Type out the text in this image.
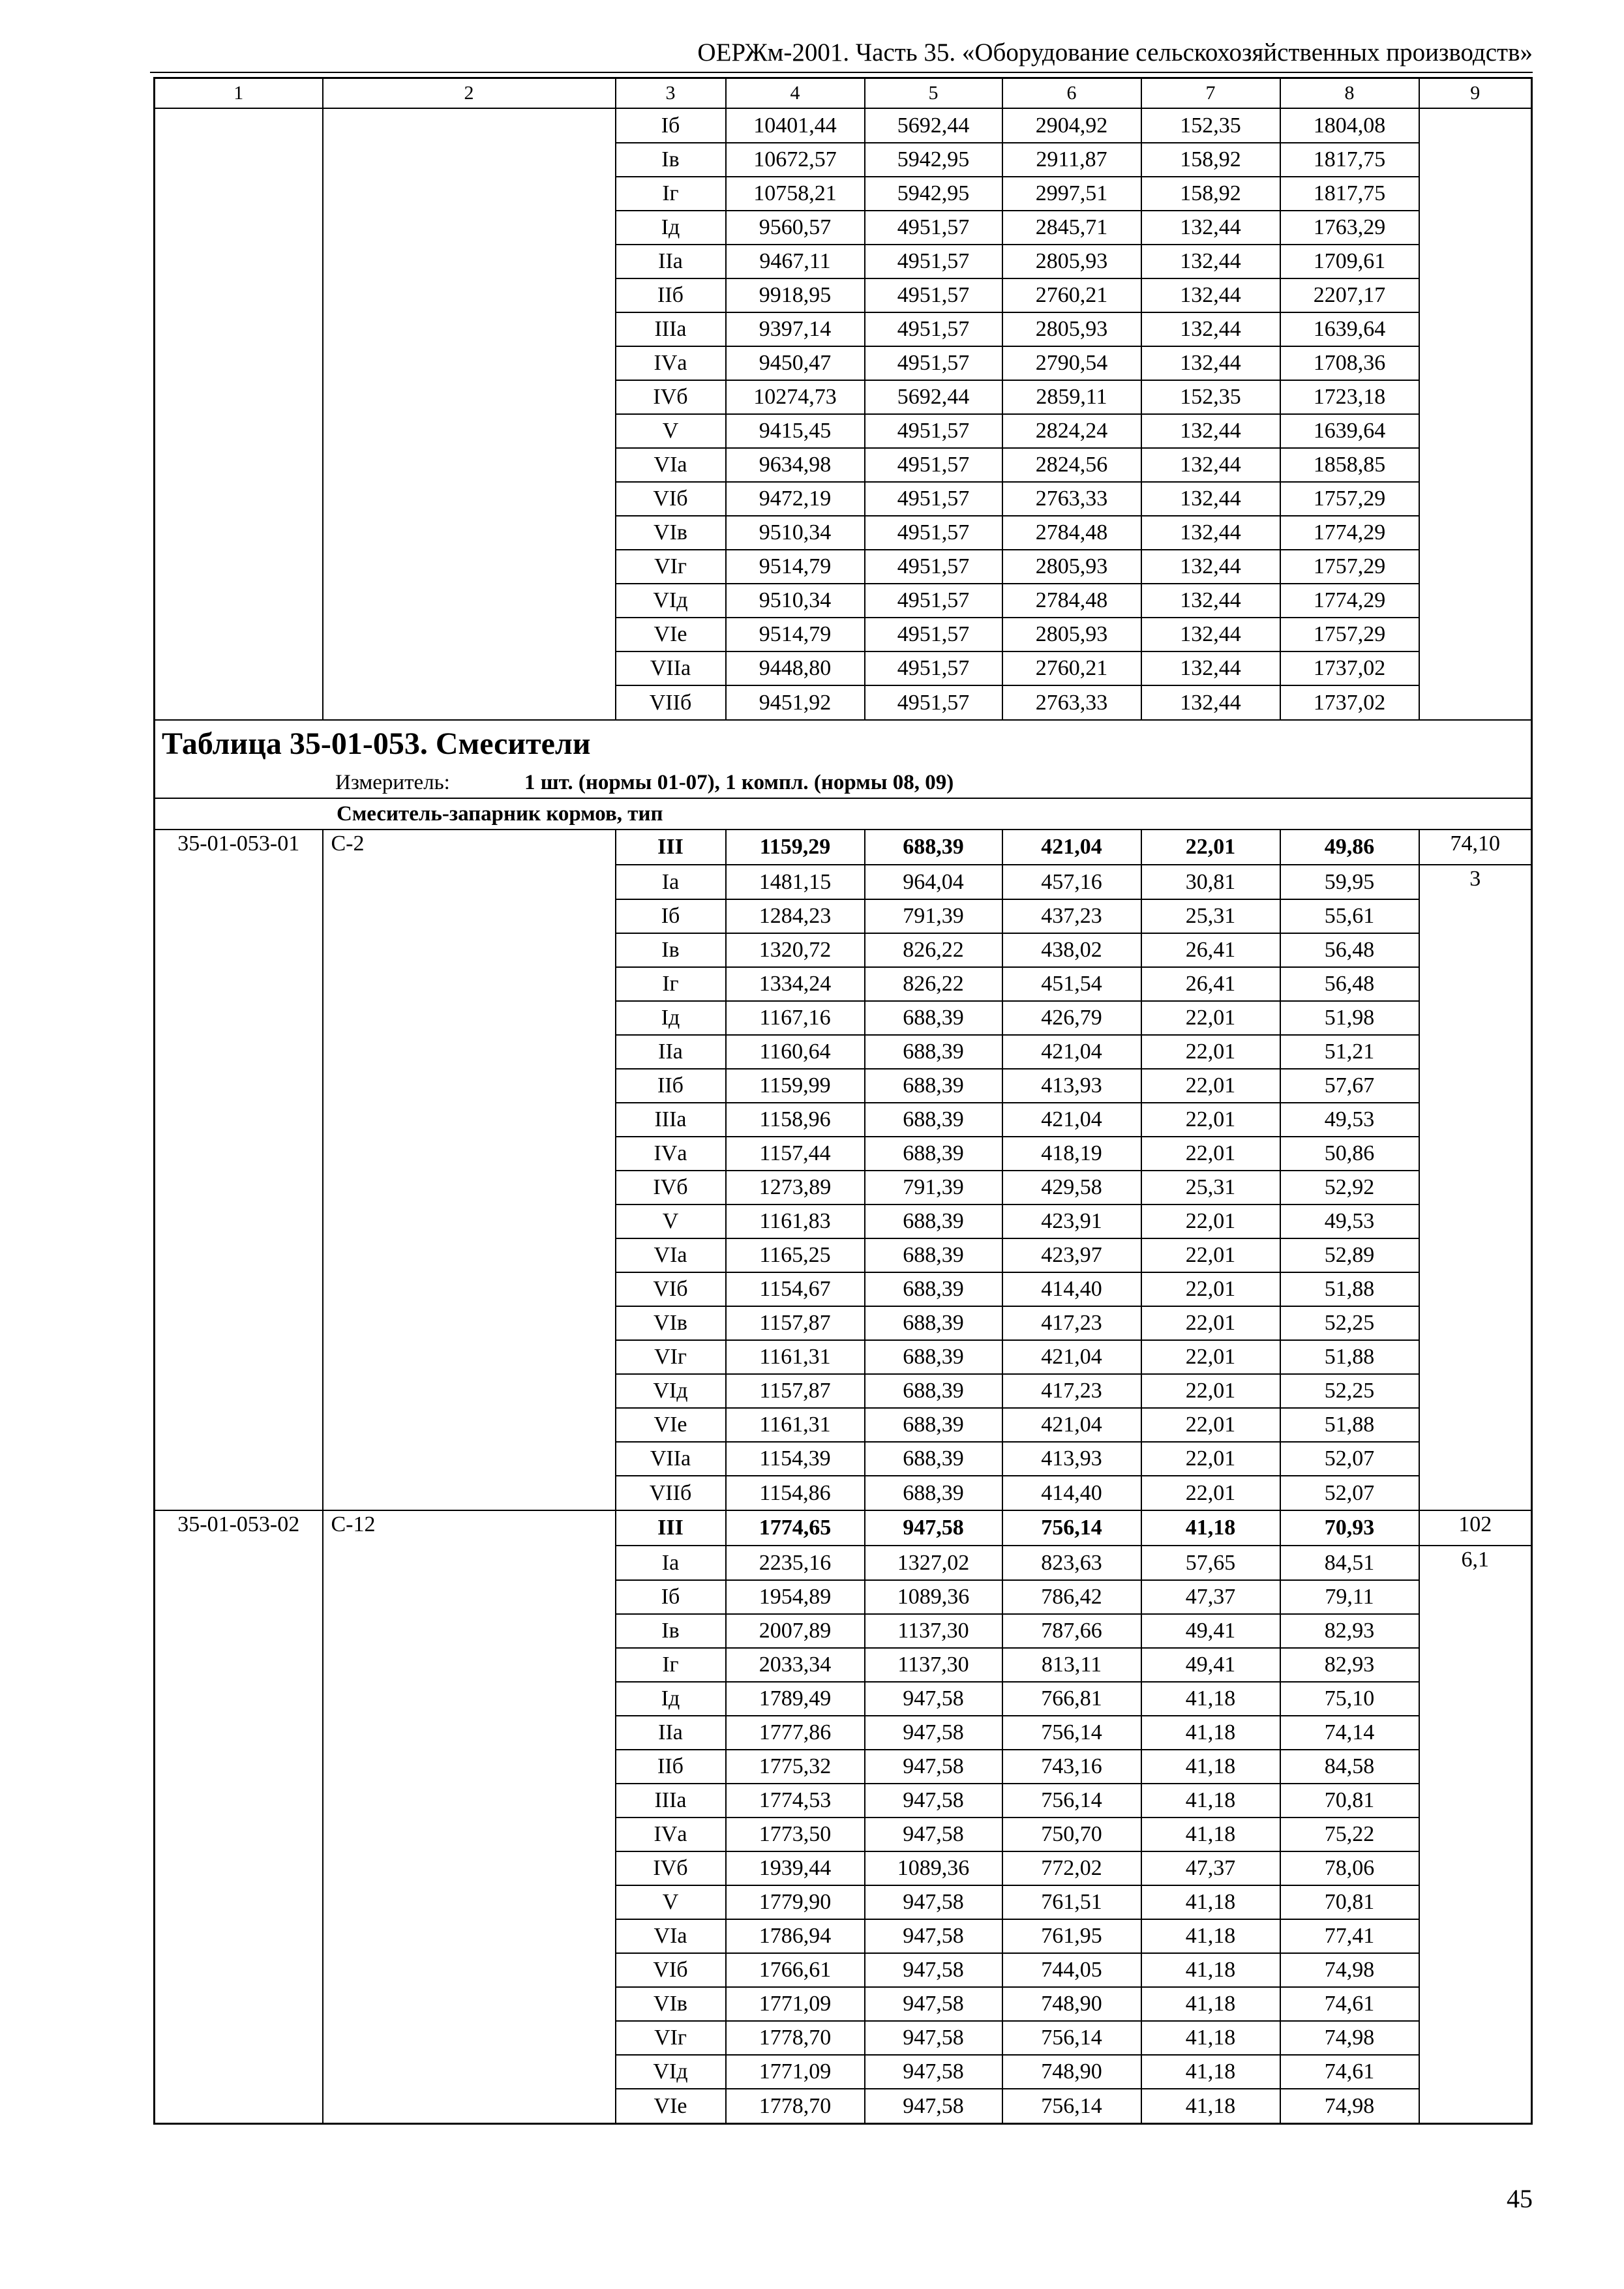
ОЕРЖм-2001. Часть 35. «Оборудование сельскохозяйственных производств»
1	2	3	4	5	6	7	8	9
		Iб	10401,44	5692,44	2904,92	152,35	1804,08	
		Iв	10672,57	5942,95	2911,87	158,92	1817,75	
		Iг	10758,21	5942,95	2997,51	158,92	1817,75	
		Iд	9560,57	4951,57	2845,71	132,44	1763,29	
		IIа	9467,11	4951,57	2805,93	132,44	1709,61	
		IIб	9918,95	4951,57	2760,21	132,44	2207,17	
		IIIа	9397,14	4951,57	2805,93	132,44	1639,64	
		IVа	9450,47	4951,57	2790,54	132,44	1708,36	
		IVб	10274,73	5692,44	2859,11	152,35	1723,18	
		V	9415,45	4951,57	2824,24	132,44	1639,64	
		VIа	9634,98	4951,57	2824,56	132,44	1858,85	
		VIб	9472,19	4951,57	2763,33	132,44	1757,29	
		VIв	9510,34	4951,57	2784,48	132,44	1774,29	
		VIг	9514,79	4951,57	2805,93	132,44	1757,29	
		VIд	9510,34	4951,57	2784,48	132,44	1774,29	
		VIе	9514,79	4951,57	2805,93	132,44	1757,29	
		VIIа	9448,80	4951,57	2760,21	132,44	1737,02	
		VIIб	9451,92	4951,57	2763,33	132,44	1737,02	
Таблица 35-01-053. Смесители								
Измеритель: 1 шт. (нормы 01-07), 1 компл. (нормы 08, 09)								
Смеситель-запарник кормов, тип								
35-01-053-01	С-2	III	1159,29	688,39	421,04	22,01	49,86	74,10
		Iа	1481,15	964,04	457,16	30,81	59,95	3
		Iб	1284,23	791,39	437,23	25,31	55,61	
		Iв	1320,72	826,22	438,02	26,41	56,48	
		Iг	1334,24	826,22	451,54	26,41	56,48	
		Iд	1167,16	688,39	426,79	22,01	51,98	
		IIа	1160,64	688,39	421,04	22,01	51,21	
		IIб	1159,99	688,39	413,93	22,01	57,67	
		IIIа	1158,96	688,39	421,04	22,01	49,53	
		IVа	1157,44	688,39	418,19	22,01	50,86	
		IVб	1273,89	791,39	429,58	25,31	52,92	
		V	1161,83	688,39	423,91	22,01	49,53	
		VIа	1165,25	688,39	423,97	22,01	52,89	
		VIб	1154,67	688,39	414,40	22,01	51,88	
		VIв	1157,87	688,39	417,23	22,01	52,25	
		VIг	1161,31	688,39	421,04	22,01	51,88	
		VIд	1157,87	688,39	417,23	22,01	52,25	
		VIе	1161,31	688,39	421,04	22,01	51,88	
		VIIа	1154,39	688,39	413,93	22,01	52,07	
		VIIб	1154,86	688,39	414,40	22,01	52,07	
35-01-053-02	С-12	III	1774,65	947,58	756,14	41,18	70,93	102
		Iа	2235,16	1327,02	823,63	57,65	84,51	6,1
		Iб	1954,89	1089,36	786,42	47,37	79,11	
		Iв	2007,89	1137,30	787,66	49,41	82,93	
		Iг	2033,34	1137,30	813,11	49,41	82,93	
		Iд	1789,49	947,58	766,81	41,18	75,10	
		IIа	1777,86	947,58	756,14	41,18	74,14	
		IIб	1775,32	947,58	743,16	41,18	84,58	
		IIIа	1774,53	947,58	756,14	41,18	70,81	
		IVа	1773,50	947,58	750,70	41,18	75,22	
		IVб	1939,44	1089,36	772,02	47,37	78,06	
		V	1779,90	947,58	761,51	41,18	70,81	
		VIа	1786,94	947,58	761,95	41,18	77,41	
		VIб	1766,61	947,58	744,05	41,18	74,98	
		VIв	1771,09	947,58	748,90	41,18	74,61	
		VIг	1778,70	947,58	756,14	41,18	74,98	
		VIд	1771,09	947,58	748,90	41,18	74,61	
		VIе	1778,70	947,58	756,14	41,18	74,98	
45
